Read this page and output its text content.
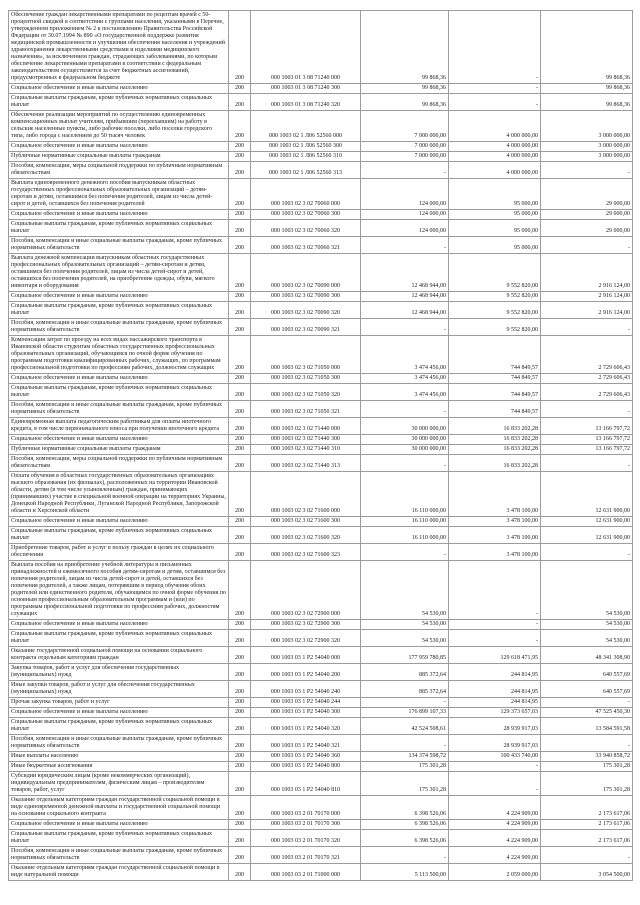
Обеспечение граждан лекарственными препаратами по рецептам врачей с 50-процентной скидкой в соответствии с группами населения, указанными в Перечне, утвержденном приложением № 2 к постановлению Правительства Российской Федерации от 30.07.1994 № 890 «О государственной поддержке развития медицинской промышленности и улучшении обеспечения населения и учреждений здравоохранения лекарственными средствами и изделиями медицинского назначения», за исключением граждан, страдающих заболеваниями, по которым обеспечение лекарственными препаратами в соответствии с федеральным законодательством осуществляется за счет бюджетных ассигнований, предусмотренных в федеральном бюджете	200	000 1003 01 3 08 71240 000	99 868,36	-	99 868,36
Социальное обеспечение и иные выплаты населению	200	000 1003 01 3 08 71240 300	99 868,36	-	99 868,36
Социальные выплаты гражданам, кроме публичных нормативных социальных выплат	200	000 1003 01 3 08 71240 320	99 868,36	-	99 868,36
Обеспечение реализации мероприятий по осуществлению единовременных компенсационных выплат учителям, прибывшим (переехавшим) на работу в сельские населенные пункты, либо рабочие поселки, либо поселки городского типа, либо города с населением до 50 тысяч человек	200	000 1003 02 1 Л06 52560 000	7 000 000,00	4 000 000,00	3 000 000,00
Социальное обеспечение и иные выплаты населению	200	000 1003 02 1 Л06 52560 300	7 000 000,00	4 000 000,00	3 000 000,00
Публичные нормативные социальные выплаты гражданам	200	000 1003 02 1 Л06 52560 310	7 000 000,00	4 000 000,00	3 000 000,00
Пособия, компенсации, меры социальной поддержки по публичным нормативным обязательствам	200	000 1003 02 1 Л06 52560 313	-	4 000 000,00	-
Выплата единовременного денежного пособия выпускникам областных государственных профессиональных образовательных организаций – детям-сиротам и детям, оставшимся без попечения родителей, лицам из числа детей-сирот и детей, оставшихся без попечения родителей	200	000 1003 02 3 02 70060 000	124 000,00	95 000,00	29 000,00
Социальное обеспечение и иные выплаты населению	200	000 1003 02 3 02 70060 300	124 000,00	95 000,00	29 000,00
Социальные выплаты гражданам, кроме публичных нормативных социальных выплат	200	000 1003 02 3 02 70060 320	124 000,00	95 000,00	29 000,00
Пособия, компенсации и иные социальные выплаты гражданам, кроме публичных нормативных обязательств	200	000 1003 02 3 02 70060 321	-	95 000,00	-
Выплата денежной компенсации выпускникам областных государственных профессиональных образовательных организаций – детям-сиротам и детям, оставшимся без попечения родителей, лицам из числа детей-сирот и детей, оставшихся без попечения родителей, на приобретение одежды, обуви, мягкого инвентаря и оборудования	200	000 1003 02 3 02 70090 000	12 468 944,00	9 552 820,00	2 916 124,00
Социальное обеспечение и иные выплаты населению	200	000 1003 02 3 02 70090 300	12 468 944,00	9 552 820,00	2 916 124,00
Социальные выплаты гражданам, кроме публичных нормативных социальных выплат	200	000 1003 02 3 02 70090 320	12 468 944,00	9 552 820,00	2 916 124,00
Пособия, компенсации и иные социальные выплаты гражданам, кроме публичных нормативных обязательств	200	000 1003 02 3 02 70090 321	-	9 552 820,00	-
Компенсация затрат по проезду на всех видах пассажирского транспорта в Ивановской области студентам областных государственных профессиональных образовательных организаций, обучающимся по очной форме обучения по программам подготовки квалифицированных рабочих, служащих, по программам профессиональной подготовки по профессиям рабочих, должностям служащих	200	000 1003 02 3 02 71050 000	3 474 456,00	744 849,57	2 729 606,43
Социальное обеспечение и иные выплаты населению	200	000 1003 02 3 02 71050 300	3 474 456,00	744 849,57	2 729 606,43
Социальные выплаты гражданам, кроме публичных нормативных социальных выплат	200	000 1003 02 3 02 71050 320	3 474 456,00	744 849,57	2 729 606,43
Пособия, компенсации и иные социальные выплаты гражданам, кроме публичных нормативных обязательств	200	000 1003 02 3 02 71050 321	-	744 849,57	-
Единовременная выплата педагогическим работникам для оплаты ипотечного кредита, в том числе первоначального взноса при получении ипотечного кредита	200	000 1003 02 3 02 71440 000	30 000 000,00	16 833 202,28	13 166 797,72
Социальное обеспечение и иные выплаты населению	200	000 1003 02 3 02 71440 300	30 000 000,00	16 833 202,28	13 166 797,72
Публичные нормативные социальные выплаты гражданам	200	000 1003 02 3 02 71440 310	30 000 000,00	16 833 202,28	13 166 797,72
Пособия, компенсации, меры социальной поддержки по публичным нормативным обязательствам	200	000 1003 02 3 02 71440 313	-	16 833 202,28	-
Оплата обучения в областных государственных образовательных организациях высшего образования (их филиалах), расположенных на территории Ивановской области, детям (в том числе усыновленным) граждан, принимающих (принимавших) участие в специальной военной операции на территориях Украины, Донецкой Народной Республики, Луганской Народной Республики, Запорожской области и Херсонской области	200	000 1003 02 3 02 71600 000	16 110 000,00	3 478 100,00	12 631 900,00
Социальное обеспечение и иные выплаты населению	200	000 1003 02 3 02 71600 300	16 110 000,00	3 478 100,00	12 631 900,00
Социальные выплаты гражданам, кроме публичных нормативных социальных выплат	200	000 1003 02 3 02 71600 320	16 110 000,00	3 478 100,00	12 631 900,00
Приобретение товаров, работ и услуг в пользу граждан в целях их социального обеспечения	200	000 1003 02 3 02 71600 323	-	3 478 100,00	-
Выплата пособия на приобретение учебной литературы и письменных принадлежностей и ежемесячного пособия детям-сиротам и детям, оставшимся без попечения родителей, лицам из числа детей-сирот и детей, оставшихся без попечения родителей, а также лицам, потерявшим в период обучения обоих родителей или единственного родителя, обучающимся по очной форме обучения по основным профессиональным образовательным программам и (или) по программам профессиональной подготовки по профессиям рабочих, должностям служащих	200	000 1003 02 3 02 72900 000	54 530,00	-	54 530,00
Социальное обеспечение и иные выплаты населению	200	000 1003 02 3 02 72900 300	54 530,00	-	54 530,00
Социальные выплаты гражданам, кроме публичных нормативных социальных выплат	200	000 1003 02 3 02 72900 320	54 530,00	-	54 530,00
Оказание государственной социальной помощи на основании социального контракта отдельным категориям граждан	200	000 1003 03 1 Р2 54040 000	177 959 780,85	129 618 471,95	48 341 308,90
Закупка товаров, работ и услуг для обеспечения государственных (муниципальных) нужд	200	000 1003 03 1 Р2 54040 200	885 372,64	244 814,95	640 557,69
Иные закупки товаров, работ и услуг для обеспечения государственных (муниципальных) нужд	200	000 1003 03 1 Р2 54040 240	885 372,64	244 814,95	640 557,69
Прочая закупка товаров, работ и услуг	200	000 1003 03 1 Р2 54040 244	-	244 814,95	-
Социальное обеспечение и иные выплаты населению	200	000 1003 03 1 Р2 54040 300	176 899 107,33	129 373 657,03	47 525 450,30
Социальные выплаты гражданам, кроме публичных нормативных социальных выплат	200	000 1003 03 1 Р2 54040 320	42 524 508,61	28 939 917,03	13 584 591,58
Пособия, компенсации и иные социальные выплаты гражданам, кроме публичных нормативных обязательств	200	000 1003 03 1 Р2 54040 321	-	28 939 917,03	-
Иные выплаты населению	200	000 1003 03 1 Р2 54040 360	134 374 598,72	100 433 740,00	33 940 858,72
Иные бюджетные ассигнования	200	000 1003 03 1 Р2 54040 800	175 301,28	-	175 301,28
Субсидии юридическим лицам (кроме некоммерческих организаций), индивидуальным предпринимателям, физическим лицам – производителям товаров, работ, услуг	200	000 1003 03 1 Р2 54040 810	175 301,28	-	175 301,28
Оказание отдельным категориям граждан государственной социальной помощи в виде единовременной денежной выплаты и государственной социальной помощи на основании социального контракта	200	000 1003 03 2 01 70170 000	6 398 526,06	4 224 909,00	2 173 617,06
Социальное обеспечение и иные выплаты населению	200	000 1003 03 2 01 70170 300	6 398 526,06	4 224 909,00	2 173 617,06
Социальные выплаты гражданам, кроме публичных нормативных социальных выплат	200	000 1003 03 2 01 70170 320	6 398 526,06	4 224 909,00	2 173 617,06
Пособия, компенсации и иные социальные выплаты гражданам, кроме публичных нормативных обязательств	200	000 1003 03 2 01 70170 321	-	4 224 909,00	-
Оказание отдельным категориям граждан государственной социальной помощи в виде натуральной помощи	200	000 1003 03 2 01 71000 000	5 113 500,00	2 059 000,00	3 054 500,00
